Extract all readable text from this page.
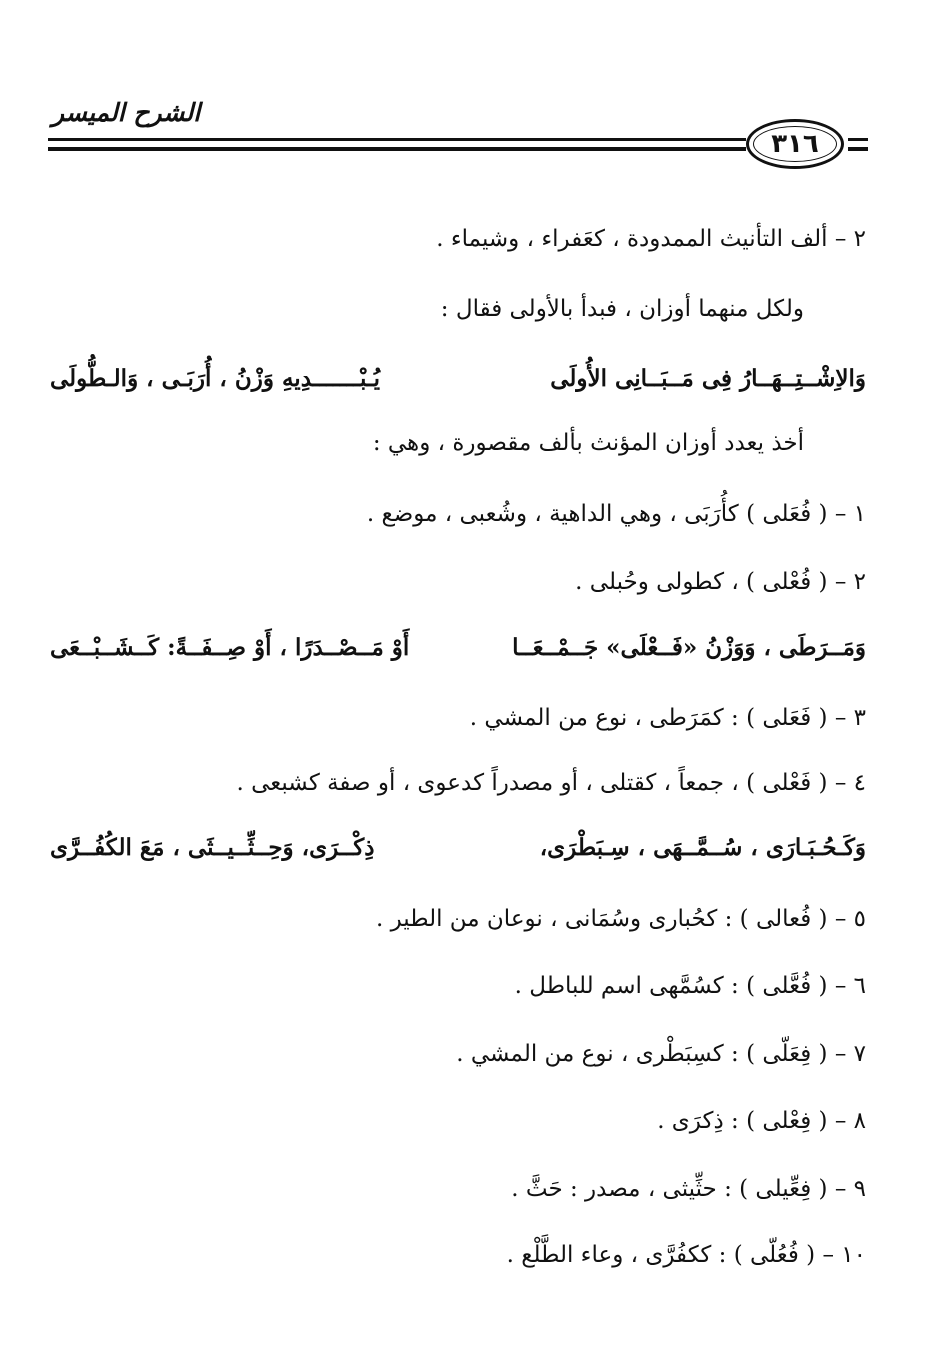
الشرح الميسر
٣١٦
٢ – ألف التأنيث الممدودة ، كعَفراء ، وشيماء .
ولكل منهما أوزان ، فبدأ بالأولى فقال :
وَالاِشْــتِــهَــارُ فِى مَــبَــانِى الأُولَى
يُـبْـــــــدِيهِ وَزْنُ ، أُرَبَـى ، وَالـطُّولَى
أخذ يعدد أوزان المؤنث بألف مقصورة ، وهي :
١ – ( فُعَلى ) كأُرَبَى ، وهي الداهية ، وشُعبى ، موضع .
٢ – ( فُعْلى ) ، كطولى وحُبلى .
وَمَــرَطَى ، وَوَزْنُ «فَــعْلَى» جَــمْــعَــا
أَوْ مَــصْــدَرًا ، أَوْ صِــفَــةً: كَــشَــبْــعَى
٣ – ( فَعَلى ) : كمَرَطى ، نوع من المشي .
٤ – ( فَعْلى ) ، جمعاً ، كقتلى ، أو مصدراً كدعوى ، أو صفة كشبعى .
وَكَـحُـبَـارَى ، سُــمَّــهَى ، سِـبَطْرَى،
ذِكْــرَى، وَحِــثِّــيــثَى ، مَعَ الكُفُــرَّى
٥ – ( فُعالى ) : كحُبارى وسُمَانى ، نوعان من الطير .
٦ – ( فُعَّلى ) : كسُمَّهى اسم للباطل .
٧ – ( فِعَلّى ) : كسِبَطْرى ، نوع من المشي .
٨ – ( فِعْلى ) : ذِكرَى .
٩ – ( فِعِّيلى ) : حثِّيثى ، مصدر : حَثَّ .
١٠ – ( فُعُلّى ) : ككفُرَّى ، وعاء الطَّلْع .
